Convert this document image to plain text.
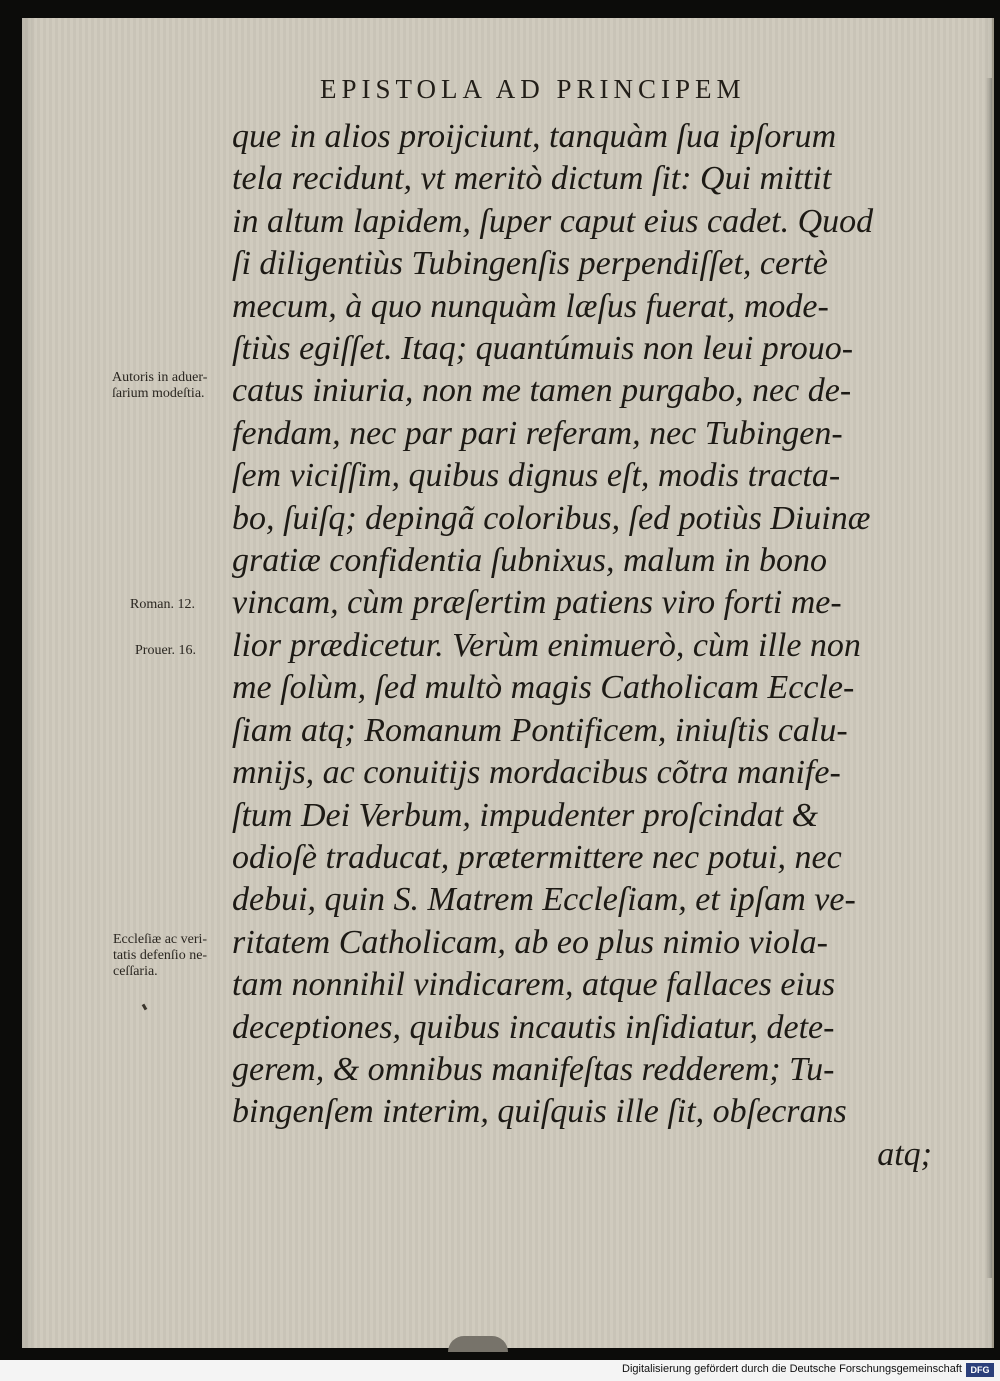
EPISTOLA AD PRINCIPEM
que in alios proijciunt, tanquàm ſua ipſorum
tela recidunt, vt meritò dictum ſit: Qui mittit
in altum lapidem, ſuper caput eius cadet. Quod
ſi diligentiùs Tubingenſis perpendiſſet, certè
mecum, à quo nunquàm læſus fuerat, mode-
ſtiùs egiſſet. Itaq; quantúmuis non leui prouo-
catus iniuria, non me tamen purgabo, nec de-
fendam, nec par pari referam, nec Tubingen-
ſem viciſſim, quibus dignus eſt, modis tracta-
bo, ſuiſq; depingã coloribus, ſed potiùs Diuinæ
gratiæ confidentia ſubnixus, malum in bono
vincam, cùm præſertim patiens viro forti me-
lior prædicetur. Verùm enimuerò, cùm ille non
me ſolùm, ſed multò magis Catholicam Eccle-
ſiam atq; Romanum Pontificem, iniuſtis calu-
mnijs, ac conuitijs mordacibus cõtra manife-
ſtum Dei Verbum, impudenter proſcindat &
odioſè traducat, prætermittere nec potui, nec
debui, quin S. Matrem Eccleſiam, et ipſam ve-
ritatem Catholicam, ab eo plus nimio viola-
tam nonnihil vindicarem, atque fallaces eius
deceptiones, quibus incautis inſidiatur, dete-
gerem, & omnibus manifeſtas redderem; Tu-
bingenſem interim, quiſquis ille ſit, obſecrans
atq;
Autoris in aduer-
ſarium modeſtia.
Roman. 12.
Prouer. 16.
Eccleſiæ ac veri-
tatis defenſio ne-
ceſſaria.
Digitalisierung gefördert durch die Deutsche Forschungsgemeinschaft DFG
